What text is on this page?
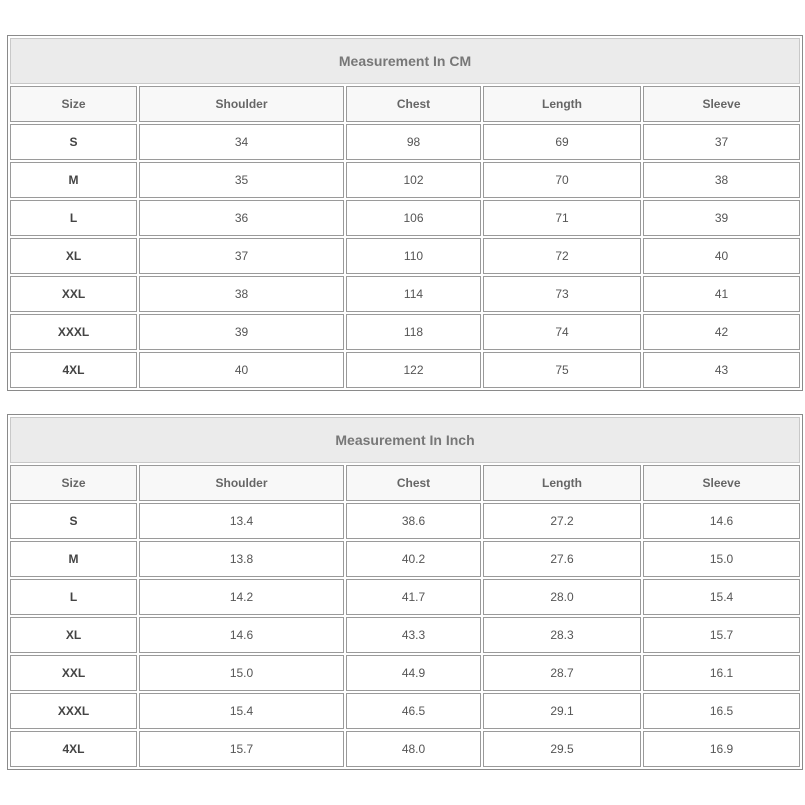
Measurement In CM				
Size	Shoulder	Chest	Length	Sleeve
S	34	98	69	37
M	35	102	70	38
L	36	106	71	39
XL	37	110	72	40
XXL	38	114	73	41
XXXL	39	118	74	42
4XL	40	122	75	43
Measurement In Inch				
Size	Shoulder	Chest	Length	Sleeve
S	13.4	38.6	27.2	14.6
M	13.8	40.2	27.6	15.0
L	14.2	41.7	28.0	15.4
XL	14.6	43.3	28.3	15.7
XXL	15.0	44.9	28.7	16.1
XXXL	15.4	46.5	29.1	16.5
4XL	15.7	48.0	29.5	16.9
